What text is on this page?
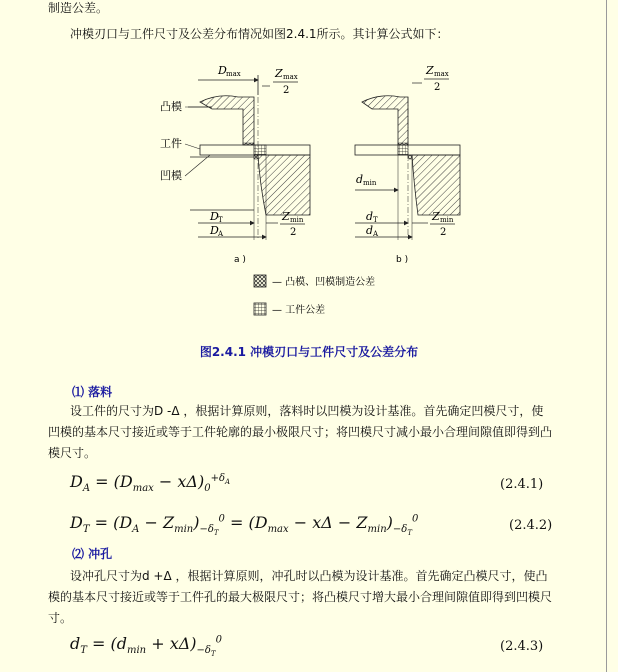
制造公差。
冲模刃口与工件尺寸及公差分布情况如图2.4.1所示。其计算公式如下：
D max	Z max
2
凸模
工件
凹模
D T
D A
Z min
2
a )
Z max
2
d min
d T
d A
Z min
2
b )
— 凸模、凹模制造公差
— 工件公差
图2.4.1 冲模刃口与工件尺寸及公差分布
⑴ 落料
设工件的尺寸为D -Δ ，根据计算原则，落料时以凹模为设计基准。首先确定凹模尺寸，使凹模的基本尺寸接近或等于工件轮廓的最小极限尺寸；将凹模尺寸减小最小合理间隙值即得到凸模尺寸。
$D_A = (D_{max} - x\Delta)_0^{+\delta_A}$	(2.4.1)
$D_T = (D_A - Z_{min})_{-\delta_T}^0 = (D_{max} - x\Delta - Z_{min})_{-\delta_T}^0$	(2.4.2)
⑵ 冲孔
设冲孔尺寸为d +Δ ，根据计算原则，冲孔时以凸模为设计基准。首先确定凸模尺寸，使凸模的基本尺寸接近或等于工件孔的最大极限尺寸；将凸模尺寸增大最小合理间隙值即得到凹模尺寸。
$d_T = (d_{min} + x\Delta)_{-\delta_T}^0$	(2.4.3)
